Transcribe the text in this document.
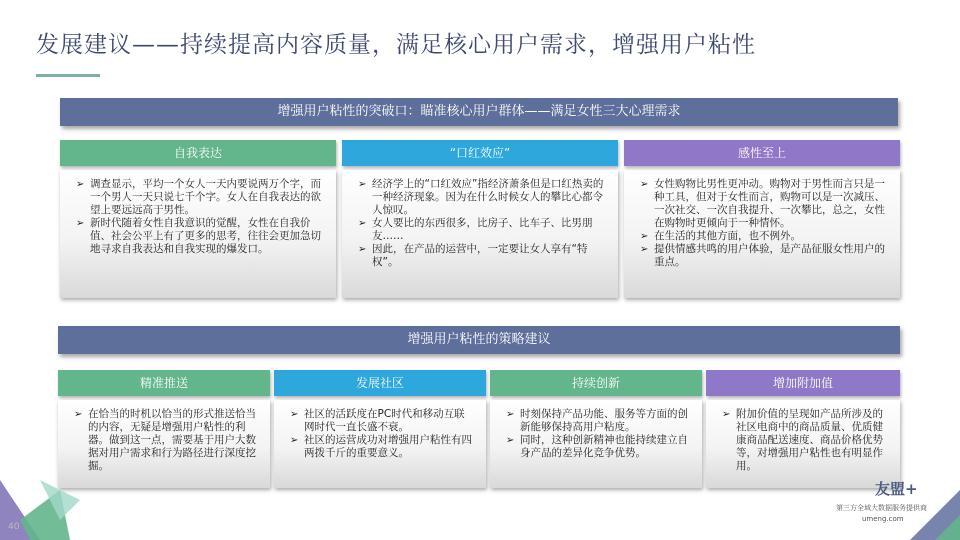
发展建议——持续提高内容质量，满足核心用户需求，增强用户粘性
增强用户粘性的突破口：瞄准核心用户群体——满足女性三大心理需求
自我表达
➢ 调查显示，平均一个女人一天内要说两万个字，而一个男人一天只说七千个字。女人在自我表达的欲望上要远远高于男性。
➢ 新时代随着女性自我意识的觉醒，女性在自我价值、社会公平上有了更多的思考，往往会更加急切地寻求自我表达和自我实现的爆发口。
“口红效应”
➢ 经济学上的“口红效应”指经济萧条但是口红热卖的一种经济现象。因为在什么时候女人的攀比心都令人惊叹。
➢ 女人要比的东西很多，比房子、比车子、比男朋友……
➢ 因此，在产品的运营中，一定要让女人享有“特权”。
感性至上
➢ 女性购物比男性更冲动。购物对于男性而言只是一种工具，但对于女性而言，购物可以是一次减压、一次社交、一次自我提升、一次攀比，总之，女性在购物时更倾向于一种情怀。
➢ 在生活的其他方面，也不例外。
➢ 提供情感共鸣的用户体验，是产品征服女性用户的重点。
增强用户粘性的策略建议
精准推送
➢ 在恰当的时机以恰当的形式推送恰当的内容，无疑是增强用户粘性的利器。做到这一点，需要基于用户大数据对用户需求和行为路径进行深度挖掘。
发展社区
➢ 社区的活跃度在PC时代和移动互联网时代一直长盛不衰。
➢ 社区的运营成功对增强用户粘性有四两拨千斤的重要意义。
持续创新
➢ 时刻保持产品功能、服务等方面的创新能够保持高用户粘度。
➢ 同时，这种创新精神也能持续建立自身产品的差异化竞争优势。
增加附加值
➢ 附加价值的呈现如产品所涉及的社区电商中的商品质量、优质健康商品配送速度、商品价格优势等，对增强用户粘性也有明显作用。
友盟+
第三方全域大数据服务提供商
umeng.com
40
